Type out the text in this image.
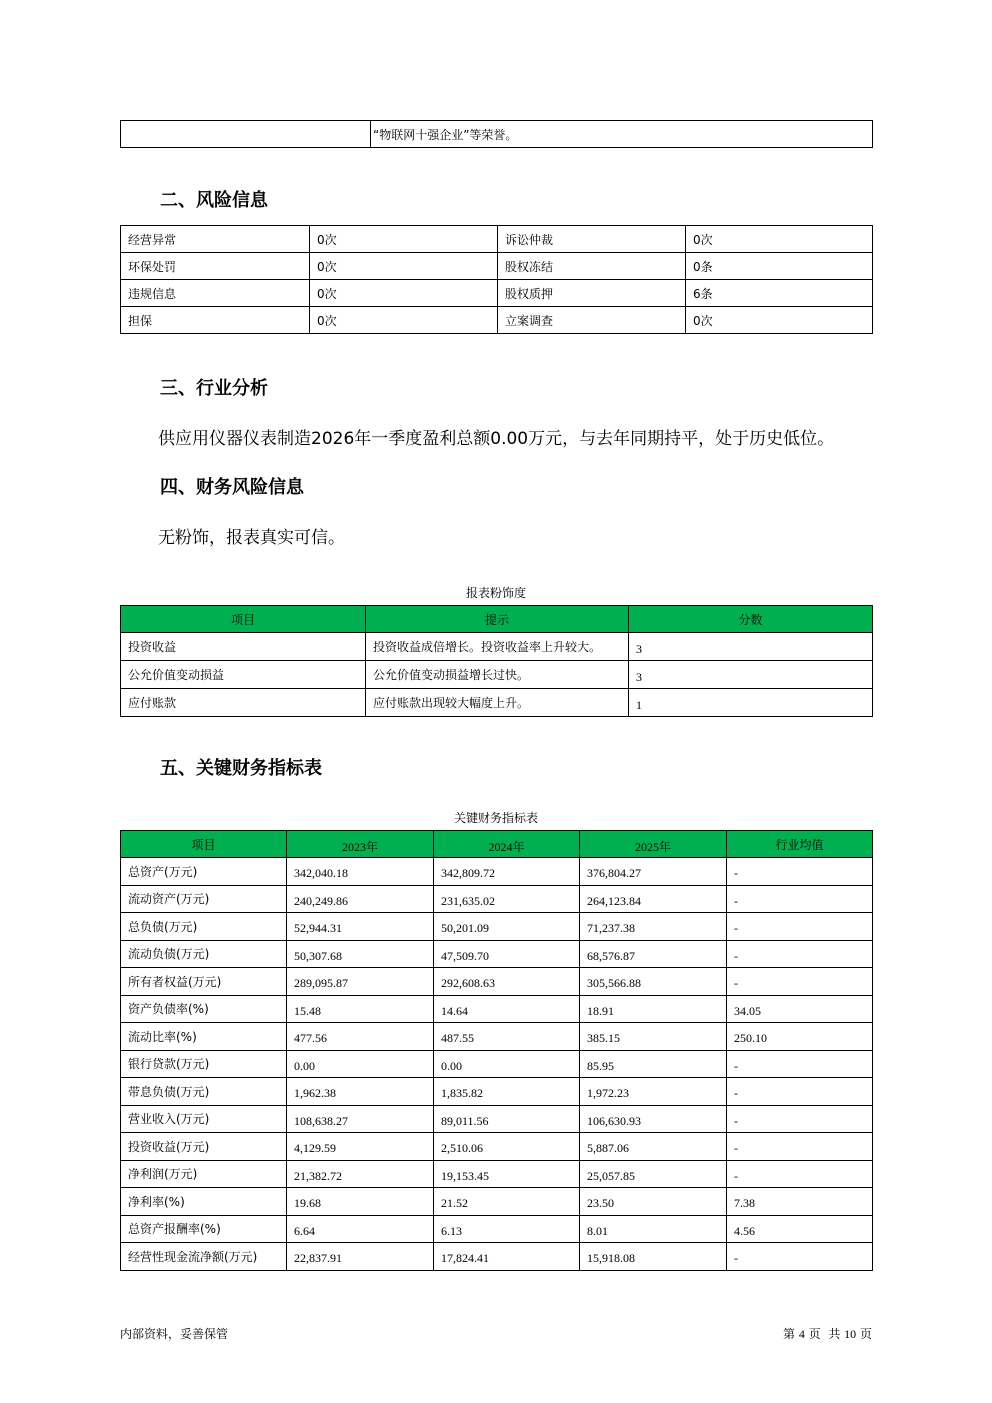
	“物联网十强企业”等荣誉。
二、风险信息
经营异常	0次	诉讼仲裁	0次
环保处罚	0次	股权冻结	0条
违规信息	0次	股权质押	6条
担保	0次	立案调查	0次
三、行业分析

供应用仪器仪表制造2026年一季度盈利总额0.00万元，与去年同期持平，处于历史低位。

四、财务风险信息

无粉饰，报表真实可信。

报表粉饰度
项目	提示	分数
投资收益	投资收益成倍增长。投资收益率上升较大。	3
公允价值变动损益	公允价值变动损益增长过快。	3
应付账款	应付账款出现较大幅度上升。	1
五、关键财务指标表
关键财务指标表
项目	2023年	2024年	2025年	行业均值
总资产(万元)	342,040.18	342,809.72	376,804.27	-
流动资产(万元)	240,249.86	231,635.02	264,123.84	-
总负债(万元)	52,944.31	50,201.09	71,237.38	-
流动负债(万元)	50,307.68	47,509.70	68,576.87	-
所有者权益(万元)	289,095.87	292,608.63	305,566.88	-
资产负债率(%)	15.48	14.64	18.91	34.05
流动比率(%)	477.56	487.55	385.15	250.10
银行贷款(万元)	0.00	0.00	85.95	-
带息负债(万元)	1,962.38	1,835.82	1,972.23	-
营业收入(万元)	108,638.27	89,011.56	106,630.93	-
投资收益(万元)	4,129.59	2,510.06	5,887.06	-
净利润(万元)	21,382.72	19,153.45	25,057.85	-
净利率(%)	19.68	21.52	23.50	7.38
总资产报酬率(%)	6.64	6.13	8.01	4.56
经营性现金流净额(万元)	22,837.91	17,824.41	15,918.08	-
内部资料，妥善保管	第 4 页 共 10 页
